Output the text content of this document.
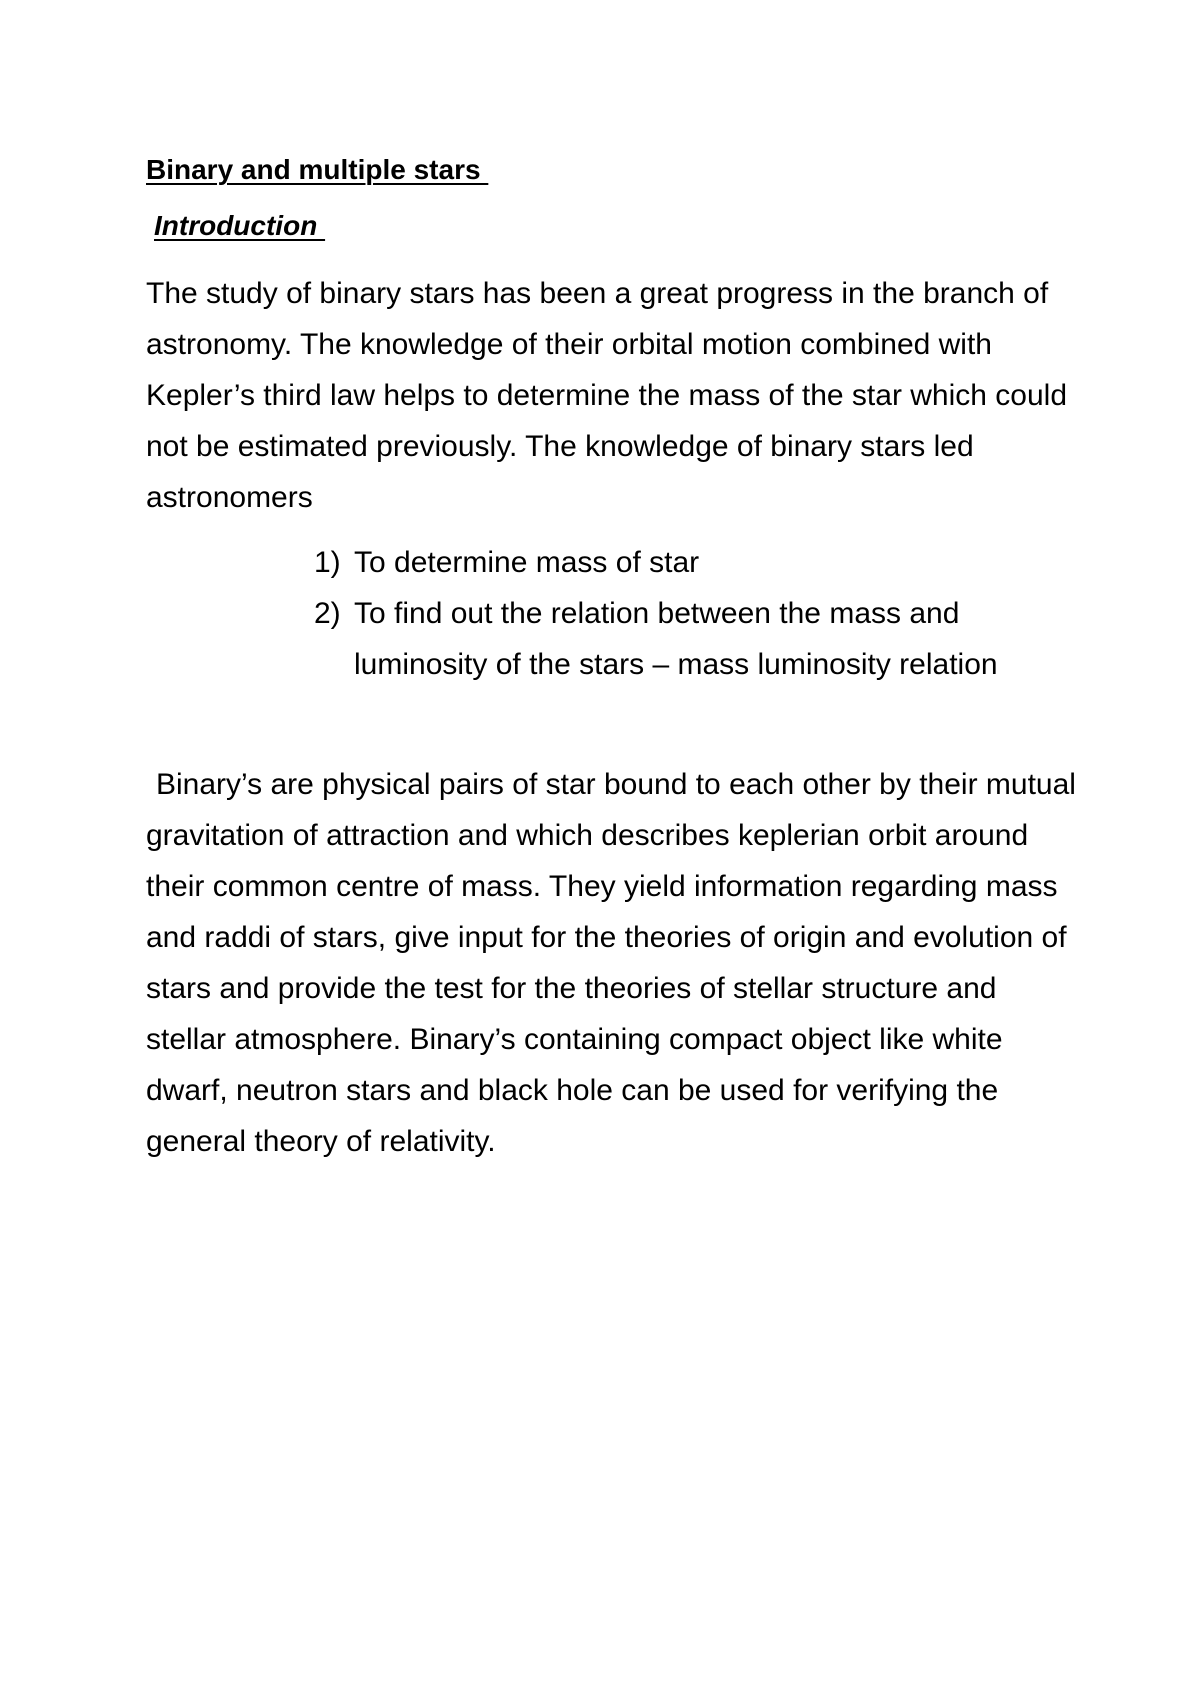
Binary and multiple stars
Introduction

The study of binary stars has been a great progress in the branch of astronomy. The knowledge of their orbital motion combined with Kepler’s third law helps to determine the mass of the star which could not be estimated previously. The knowledge of binary stars led astronomers

1) To determine mass of star
2) To find out the relation between the mass and luminosity of the stars – mass luminosity relation

Binary’s are physical pairs of star bound to each other by their mutual gravitation of attraction and which describes keplerian orbit around their common centre of mass. They yield information regarding mass and raddi of stars, give input for the theories of origin and evolution of stars and provide the test for the theories of stellar structure and stellar atmosphere. Binary’s containing compact object like white dwarf, neutron stars and black hole can be used for verifying the general theory of relativity.
